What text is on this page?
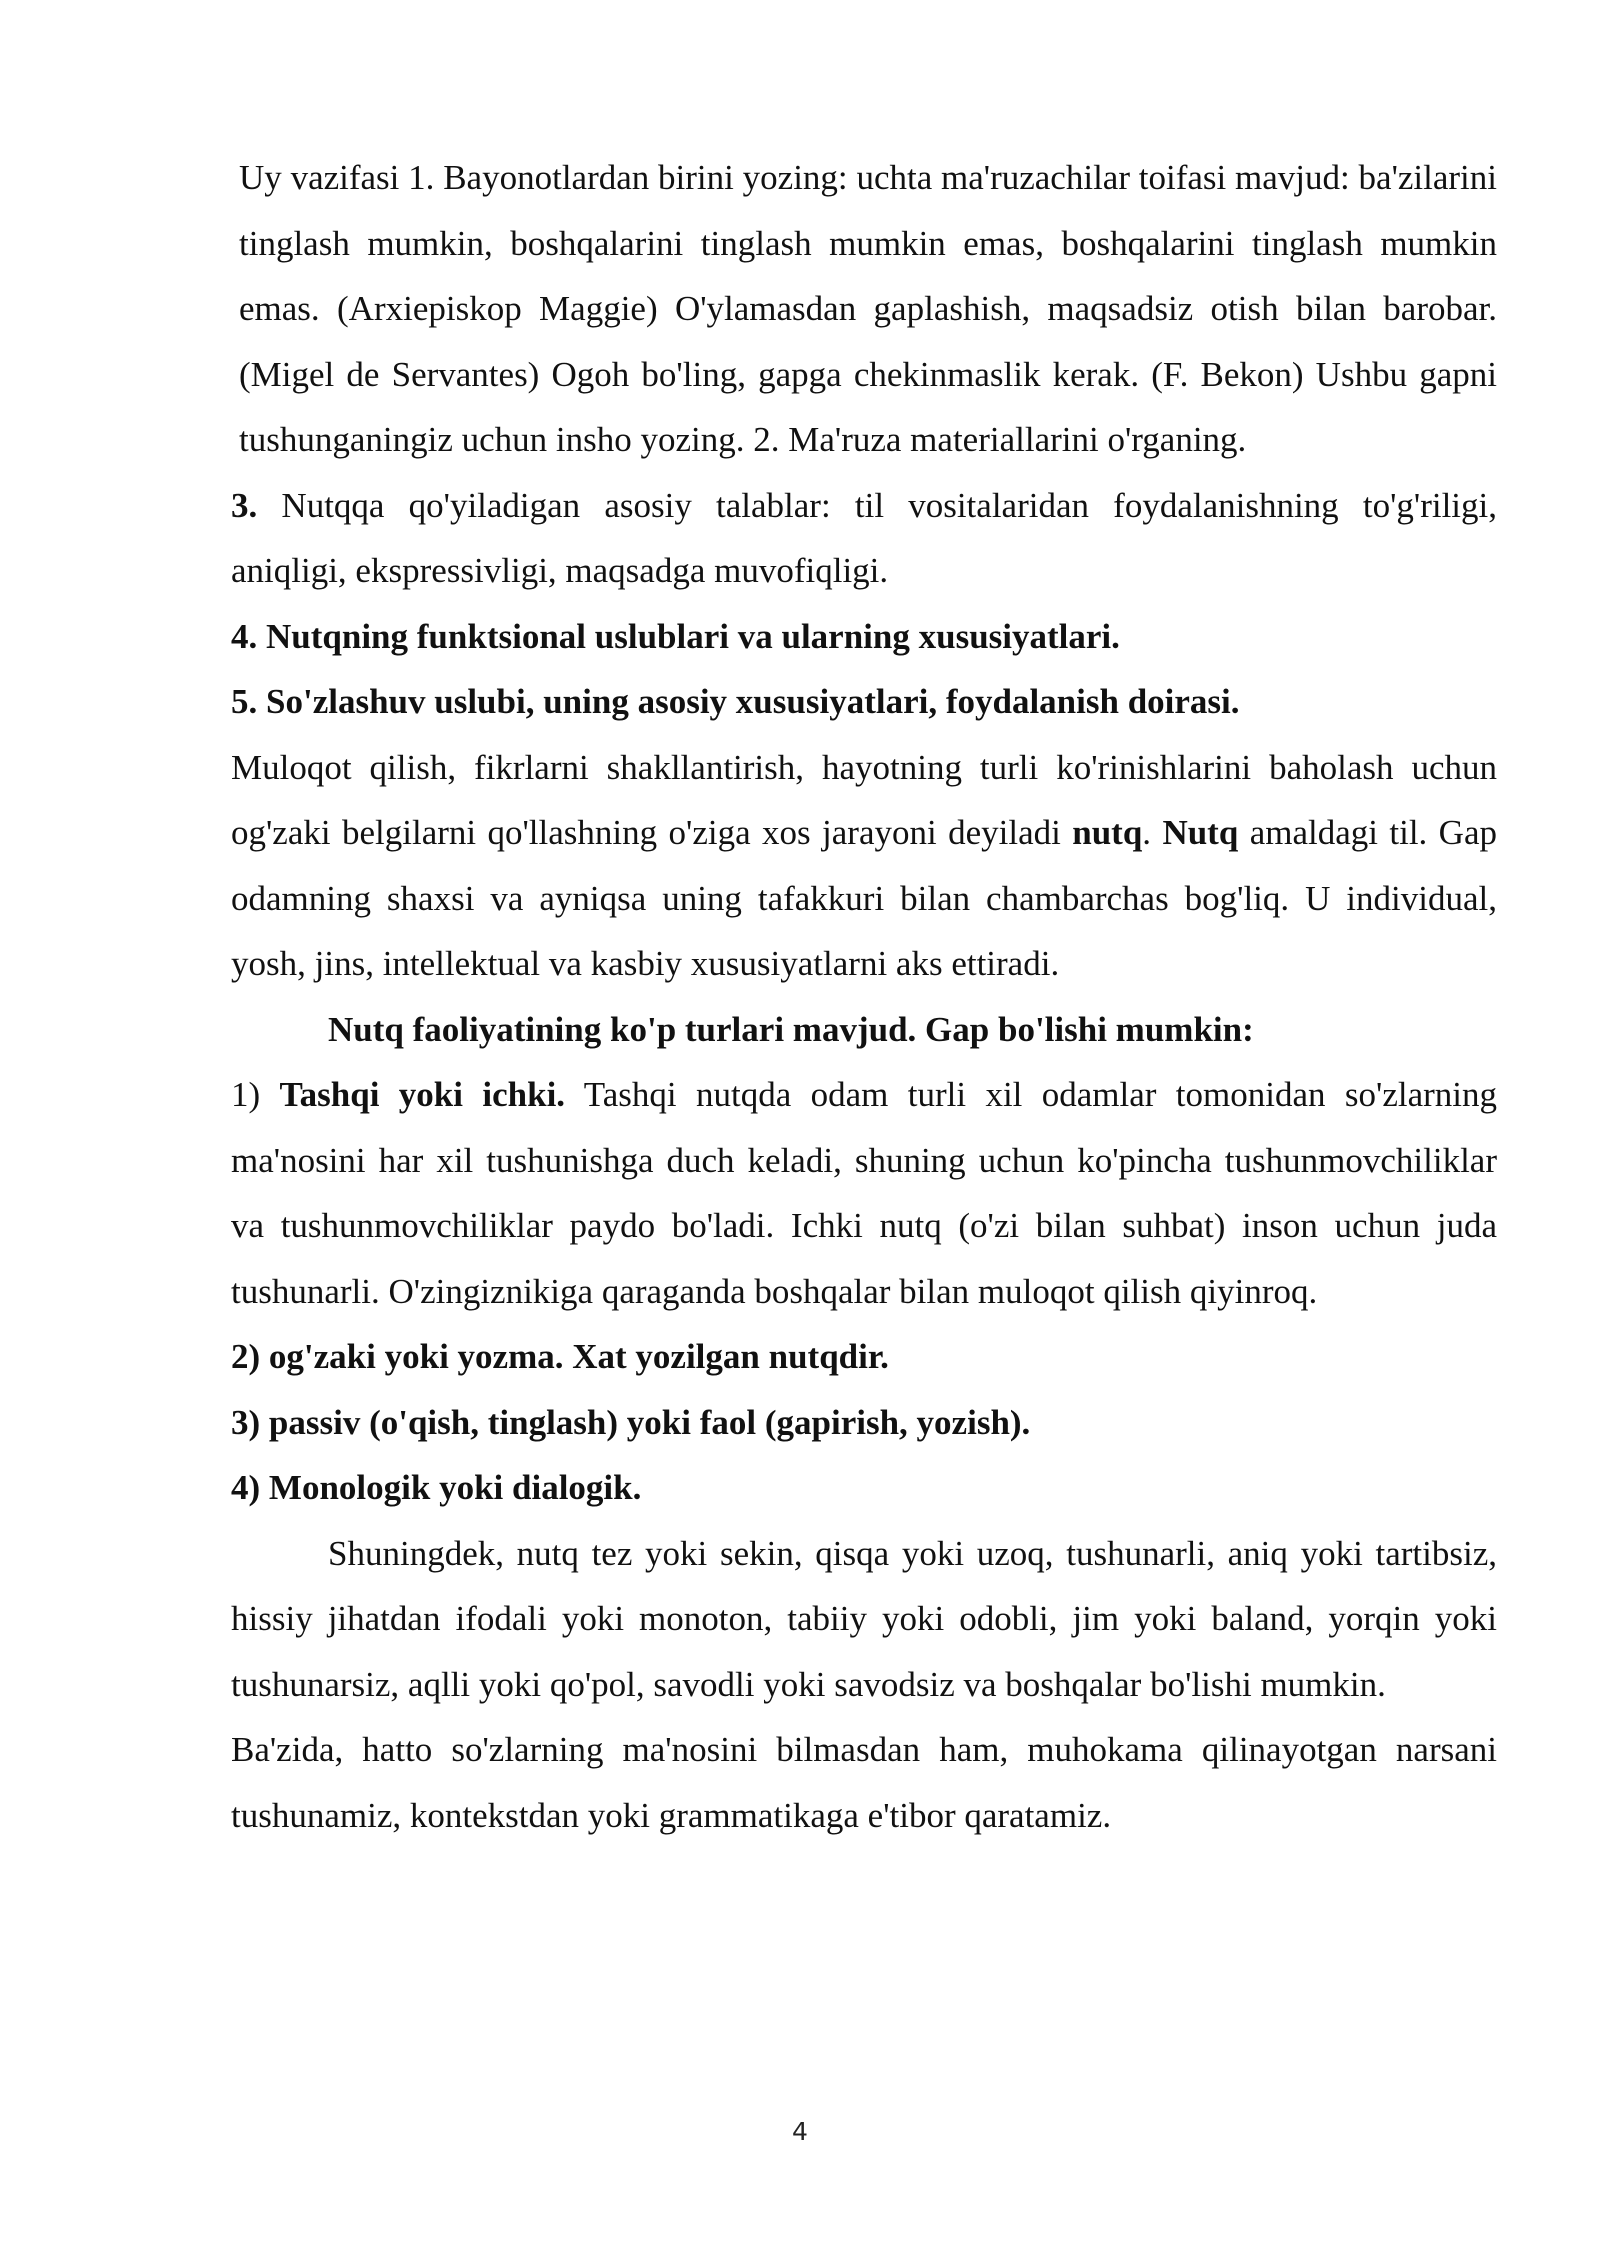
Uy vazifasi 1. Bayonotlardan birini yozing: uchta ma'ruzachilar toifasi mavjud: ba'zilarini tinglash mumkin, boshqalarini tinglash mumkin emas, boshqalarini tinglash mumkin emas. (Arxiepiskop Maggie) O'ylamasdan gaplashish, maqsadsiz otish bilan barobar. (Migel de Servantes) Ogoh bo'ling, gapga chekinmaslik kerak. (F. Bekon) Ushbu gapni tushunganingiz uchun insho yozing. 2. Ma'ruza materiallarini o'rganing.

3. Nutqqa qo'yiladigan asosiy talablar: til vositalaridan foydalanishning to'g'riligi, aniqligi, ekspressivligi, maqsadga muvofiqligi.

4. Nutqning funktsional uslublari va ularning xususiyatlari.

5. So'zlashuv uslubi, uning asosiy xususiyatlari, foydalanish doirasi.

Muloqot qilish, fikrlarni shakllantirish, hayotning turli ko'rinishlarini baholash uchun og'zaki belgilarni qo'llashning o'ziga xos jarayoni deyiladi nutq. Nutq amaldagi til. Gap odamning shaxsi va ayniqsa uning tafakkuri bilan chambarchas bog'liq. U individual, yosh, jins, intellektual va kasbiy xususiyatlarni aks ettiradi.

Nutq faoliyatining ko'p turlari mavjud. Gap bo'lishi mumkin:

1) Tashqi yoki ichki. Tashqi nutqda odam turli xil odamlar tomonidan so'zlarning ma'nosini har xil tushunishga duch keladi, shuning uchun ko'pincha tushunmovchiliklar va tushunmovchiliklar paydo bo'ladi. Ichki nutq (o'zi bilan suhbat) inson uchun juda tushunarli. O'zingiznikiga qaraganda boshqalar bilan muloqot qilish qiyinroq.

2) og'zaki yoki yozma. Xat yozilgan nutqdir.

3) passiv (o'qish, tinglash) yoki faol (gapirish, yozish).

4) Monologik yoki dialogik.

Shuningdek, nutq tez yoki sekin, qisqa yoki uzoq, tushunarli, aniq yoki tartibsiz, hissiy jihatdan ifodali yoki monoton, tabiiy yoki odobli, jim yoki baland, yorqin yoki tushunarsiz, aqlli yoki qo'pol, savodli yoki savodsiz va boshqalar bo'lishi mumkin.

Ba'zida, hatto so'zlarning ma'nosini bilmasdan ham, muhokama qilinayotgan narsani tushunamiz, kontekstdan yoki grammatikaga e'tibor qaratamiz.

4
